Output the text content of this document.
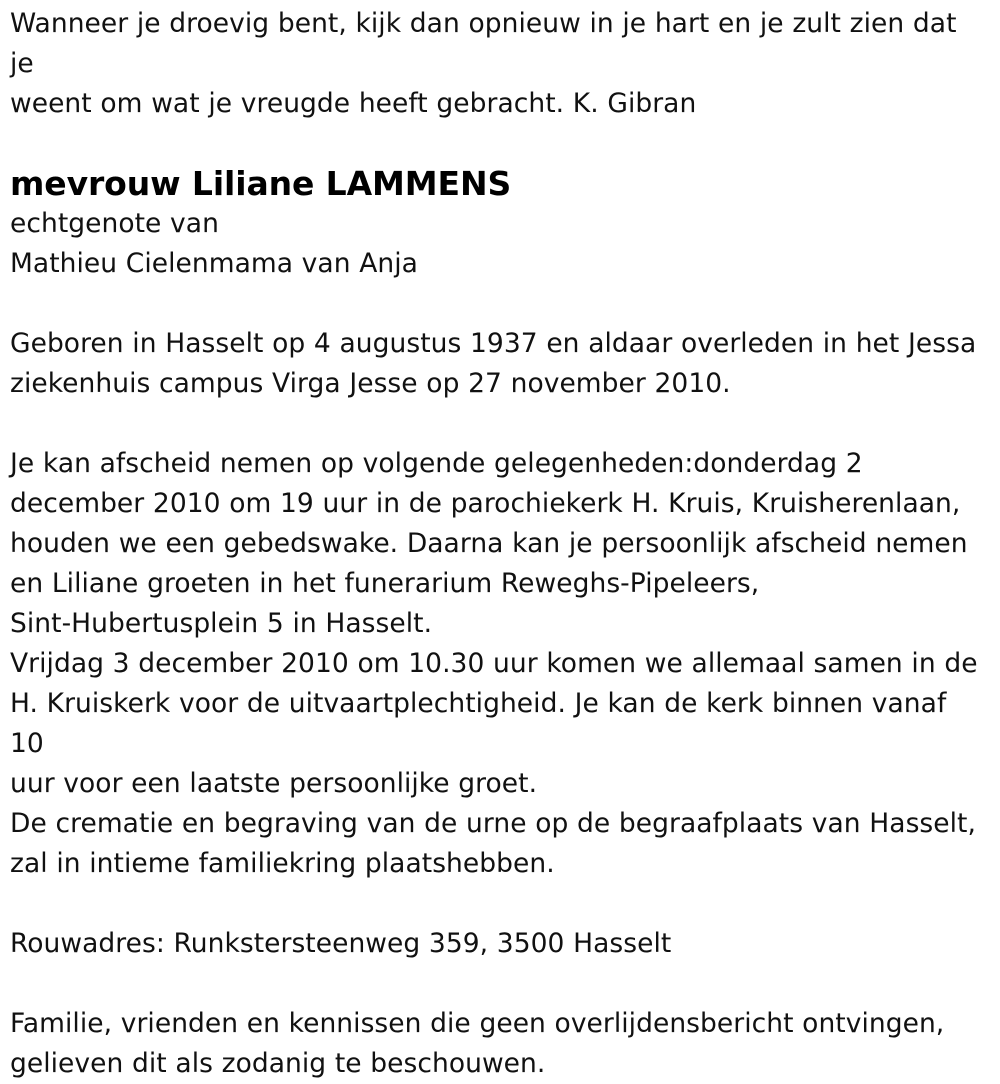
Wanneer je droevig bent, kijk dan opnieuw in je hart en je zult zien dat je
weent om wat je vreugde heeft gebracht. K. Gibran

mevrouw Liliane LAMMENS

echtgenote van
Mathieu Cielenmama van Anja

Geboren in Hasselt op 4 augustus 1937 en aldaar overleden in het Jessa
ziekenhuis campus Virga Jesse op 27 november 2010.

Je kan afscheid nemen op volgende gelegenheden:donderdag 2
december 2010 om 19 uur in de parochiekerk H. Kruis, Kruisherenlaan,
houden we een gebedswake. Daarna kan je persoonlijk afscheid nemen
en Liliane groeten in het funerarium Reweghs-Pipeleers,
Sint-Hubertusplein 5 in Hasselt.
Vrijdag 3 december 2010 om 10.30 uur komen we allemaal samen in de
H. Kruiskerk voor de uitvaartplechtigheid. Je kan de kerk binnen vanaf 10
uur voor een laatste persoonlijke groet.
De crematie en begraving van de urne op de begraafplaats van Hasselt,
zal in intieme familiekring plaatshebben.

Rouwadres: Runkstersteenweg 359, 3500 Hasselt

Familie, vrienden en kennissen die geen overlijdensbericht ontvingen,
gelieven dit als zodanig te beschouwen.
